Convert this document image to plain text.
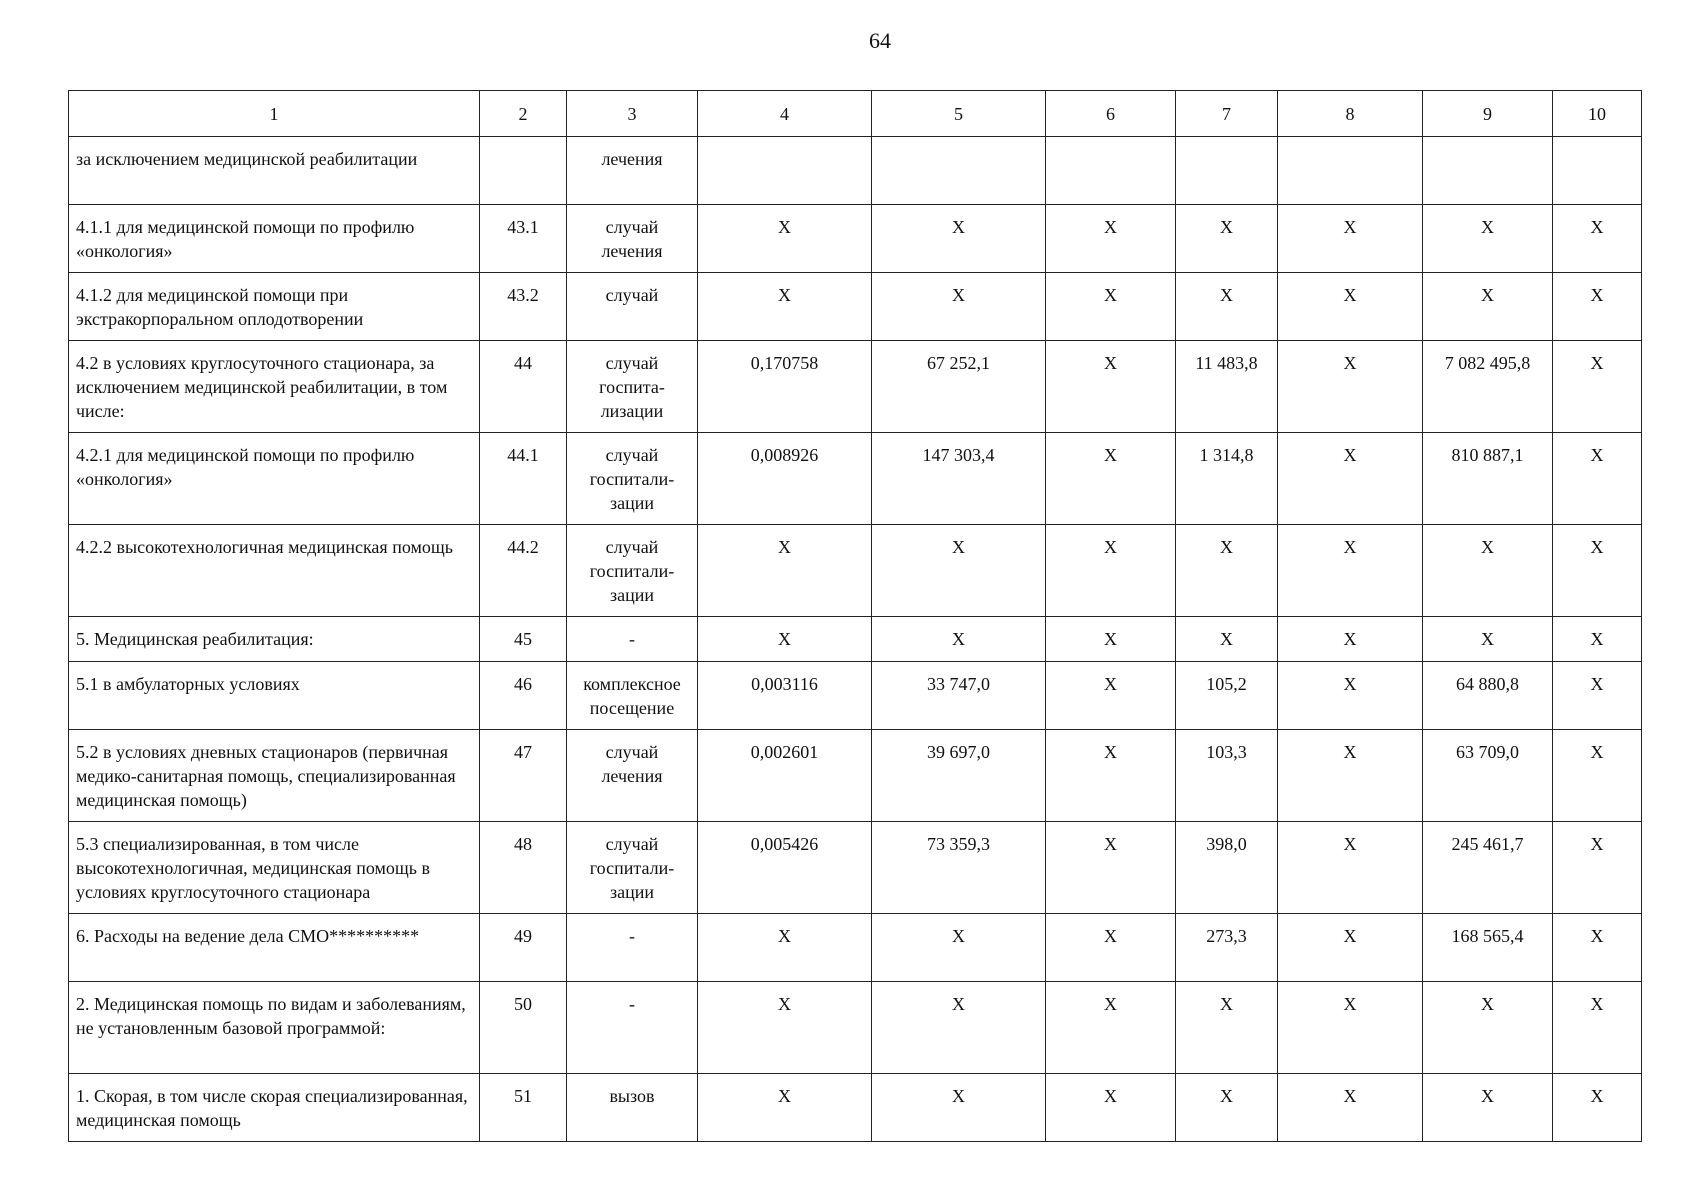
64
1	2	3	4	5	6	7	8	9	10
за исключением медицинской реабилитации		лечения							
4.1.1 для медицинской помощи по профилю «онкология»	43.1	случай лечения	X	X	X	X	X	X	X
4.1.2 для медицинской помощи при экстракорпоральном оплодотворении	43.2	случай	X	X	X	X	X	X	X
4.2 в условиях круглосуточного стационара, за исключением медицинской реабилитации, в том числе:	44	случай госпита-лизации	0,170758	67 252,1	X	11 483,8	X	7 082 495,8	X
4.2.1 для медицинской помощи по профилю «онкология»	44.1	случай госпитали-зации	0,008926	147 303,4	X	1 314,8	X	810 887,1	X
4.2.2 высокотехнологичная медицинская помощь	44.2	случай госпитали-зации	X	X	X	X	X	X	X
5. Медицинская реабилитация:	45	-	X	X	X	X	X	X	X
5.1 в амбулаторных условиях	46	комплексное посещение	0,003116	33 747,0	X	105,2	X	64 880,8	X
5.2 в условиях дневных стационаров (первичная медико-санитарная помощь, специализированная медицинская помощь)	47	случай лечения	0,002601	39 697,0	X	103,3	X	63 709,0	X
5.3 специализированная, в том числе высокотехнологичная, медицинская помощь в условиях круглосуточного стационара	48	случай госпитали-зации	0,005426	73 359,3	X	398,0	X	245 461,7	X
6. Расходы на ведение дела СМО**********	49	-	X	X	X	273,3	X	168 565,4	X
2. Медицинская помощь по видам и заболеваниям, не установленным базовой программой:	50	-	X	X	X	X	X	X	X
1. Скорая, в том числе скорая специализированная, медицинская помощь	51	вызов	X	X	X	X	X	X	X
